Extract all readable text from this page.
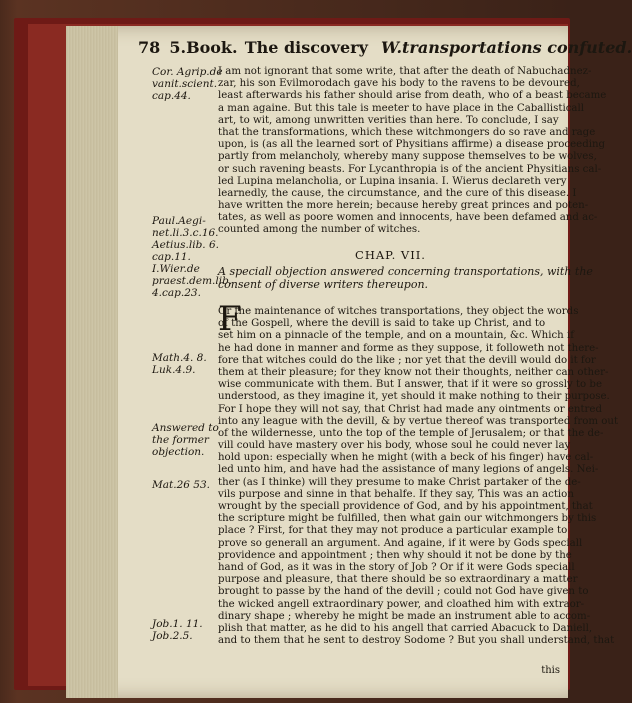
78 5.Book. The discovery W.transportations confuted.
Cor. Agrip.de
vanit.scient.
cap.44.
Paul.Aegi-
net.li.3.c.16.
Aetius.lib. 6.
cap.11.
I.Wier.de
praest.dem.lib.
4.cap.23.
Math.4. 8.
Luk.4.9.
Answered to
the former
objection.
Mat.26 53.
Job.1. 11.
Job.2.5.
I am not ignorant that some write, that after the death of Nabuchadnez-
zar, his son Evilmorodach gave his body to the ravens to be devoured,
least afterwards his father should arise from death, who of a beast became
a man againe. But this tale is meeter to have place in the Caballisticall
art, to wit, among unwritten verities than here. To conclude, I say
that the transformations, which these witchmongers do so rave and rage
upon, is (as all the learned sort of Physitians affirme) a disease proceeding
partly from melancholy, whereby many suppose themselves to be wolves,
or such ravening beasts. For Lycanthropia is of the ancient Physitians cal-
led Lupina melancholia, or Lupina insania. I. Wierus declareth very
learnedly, the cause, the circumstance, and the cure of this disease. I
have written the more herein; because hereby great princes and poten-
tates, as well as poore women and innocents, have been defamed and ac-
counted among the number of witches.
CHAP. VII.
A speciall objection answered concerning transportations, with the
consent of diverse writers thereupon.
F
Or the maintenance of witches transportations, they object the words
of the Gospell, where the devill is said to take up Christ, and to
set him on a pinnacle of the temple, and on a mountain, &c. Which if
he had done in manner and forme as they suppose, it followeth not there-
fore that witches could do the like ; nor yet that the devill would do it for
them at their pleasure; for they know not their thoughts, neither can other-
wise communicate with them. But I answer, that if it were so grossly to be
understood, as they imagine it, yet should it make nothing to their purpose.
For I hope they will not say, that Christ had made any ointments or entred
into any league with the devill, & by vertue thereof was transported from out
of the wildernesse, unto the top of the temple of Jerusalem; or that the de-
vill could have mastery over his body, whose soul he could never lay
hold upon: especially when he might (with a beck of his finger) have cal-
led unto him, and have had the assistance of many legions of angels. Nei-
ther (as I thinke) will they presume to make Christ partaker of the de-
vils purpose and sinne in that behalfe. If they say, This was an action
wrought by the speciall providence of God, and by his appointment, that
the scripture might be fulfilled, then what gain our witchmongers by this
place ? First, for that they may not produce a particular example to
prove so generall an argument. And againe, if it were by Gods speciall
providence and appointment ; then why should it not be done by the
hand of God, as it was in the story of Job ? Or if it were Gods speciall
purpose and pleasure, that there should be so extraordinary a matter
brought to passe by the hand of the devill ; could not God have given to
the wicked angell extraordinary power, and cloathed him with extraor-
dinary shape ; whereby he might be made an instrument able to accom-
plish that matter, as he did to his angell that carried Abacuck to Daniell,
and to them that he sent to destroy Sodome ? But you shall understand, that
this
